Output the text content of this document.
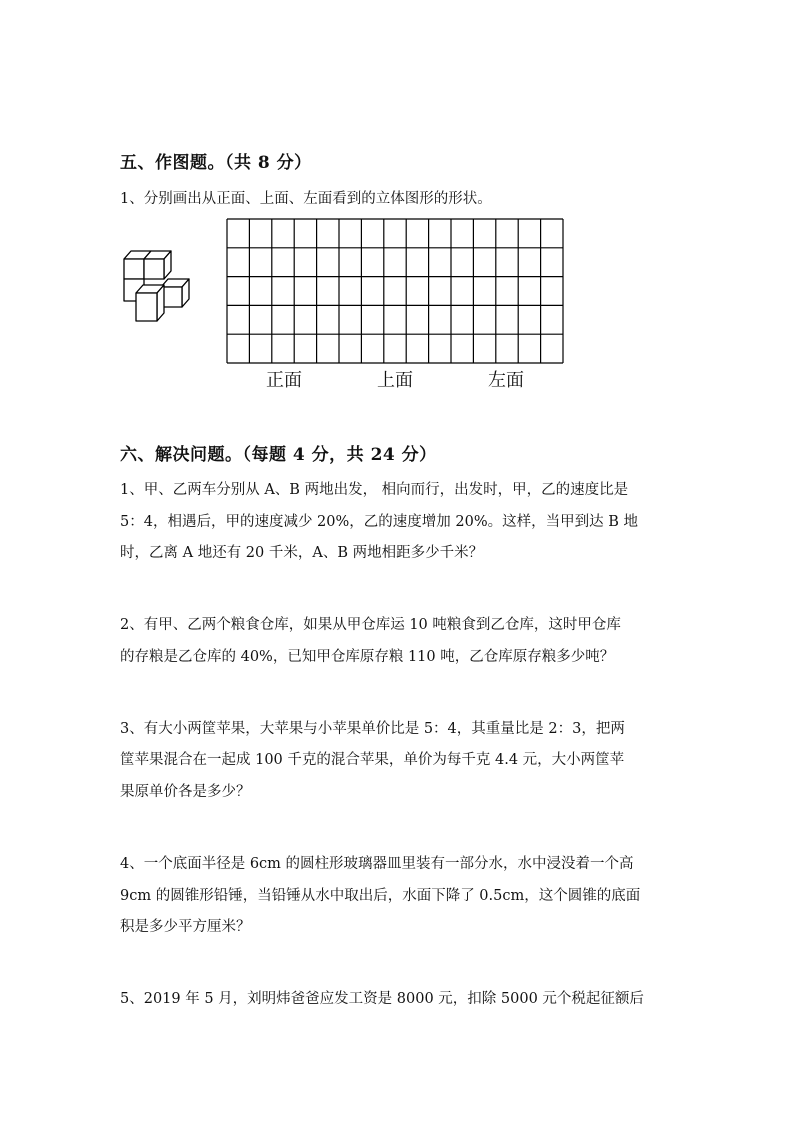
五、作图题。（共 8 分）
1、分别画出从正面、上面、左面看到的立体图形的形状。
正面	上面	左面
六、解决问题。（每题 4 分，共 24 分）
1、甲、乙两车分别从 A、B 两地出发， 相向而行，出发时，甲，乙的速度比是
5：4，相遇后，甲的速度减少 20%，乙的速度增加 20%。这样，当甲到达 B 地
时，乙离 A 地还有 20 千米，A、B 两地相距多少千米？
2、有甲、乙两个粮食仓库，如果从甲仓库运 10 吨粮食到乙仓库，这时甲仓库
的存粮是乙仓库的 40%，已知甲仓库原存粮 110 吨，乙仓库原存粮多少吨？
3、有大小两筐苹果，大苹果与小苹果单价比是 5：4，其重量比是 2：3，把两
筐苹果混合在一起成 100 千克的混合苹果，单价为每千克 4.4 元，大小两筐苹
果原单价各是多少？
4、一个底面半径是 6cm 的圆柱形玻璃器皿里装有一部分水，水中浸没着一个高
9cm 的圆锥形铅锤，当铅锤从水中取出后，水面下降了 0.5cm，这个圆锥的底面
积是多少平方厘米？
5、2019 年 5 月，刘明炜爸爸应发工资是 8000 元，扣除 5000 元个税起征额后
